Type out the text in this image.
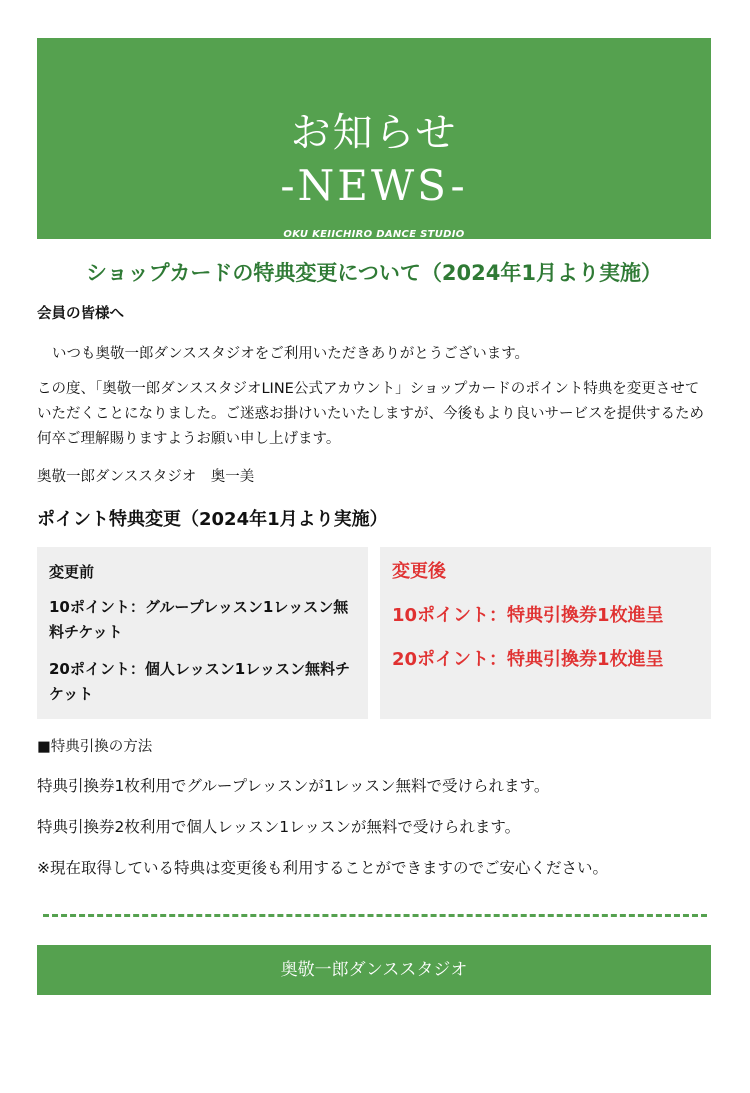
お知らせ
-NEWS-
OKU KEIICHIRO DANCE STUDIO
ショップカードの特典変更について（2024年1月より実施）
会員の皆様へ
いつも奥敬一郎ダンススタジオをご利用いただきありがとうございます。
この度、「奥敬一郎ダンススタジオLINE公式アカウント」ショップカードのポイント特典を変更させていただくことになりました。ご迷惑お掛けいたいたしますが、今後もより良いサービスを提供するため何卒ご理解賜りますようお願い申し上げます。
奥敬一郎ダンススタジオ　奥一美
ポイント特典変更（2024年1月より実施）
変更前
10ポイント：グループレッスン1レッスン無料チケット
20ポイント：個人レッスン1レッスン無料チケット
変更後
10ポイント：特典引換券1枚進呈
20ポイント：特典引換券1枚進呈
■特典引換の方法
特典引換券1枚利用でグループレッスンが1レッスン無料で受けられます。
特典引換券2枚利用で個人レッスン1レッスンが無料で受けられます。
※現在取得している特典は変更後も利用することができますのでご安心ください。
奥敬一郎ダンススタジオ
